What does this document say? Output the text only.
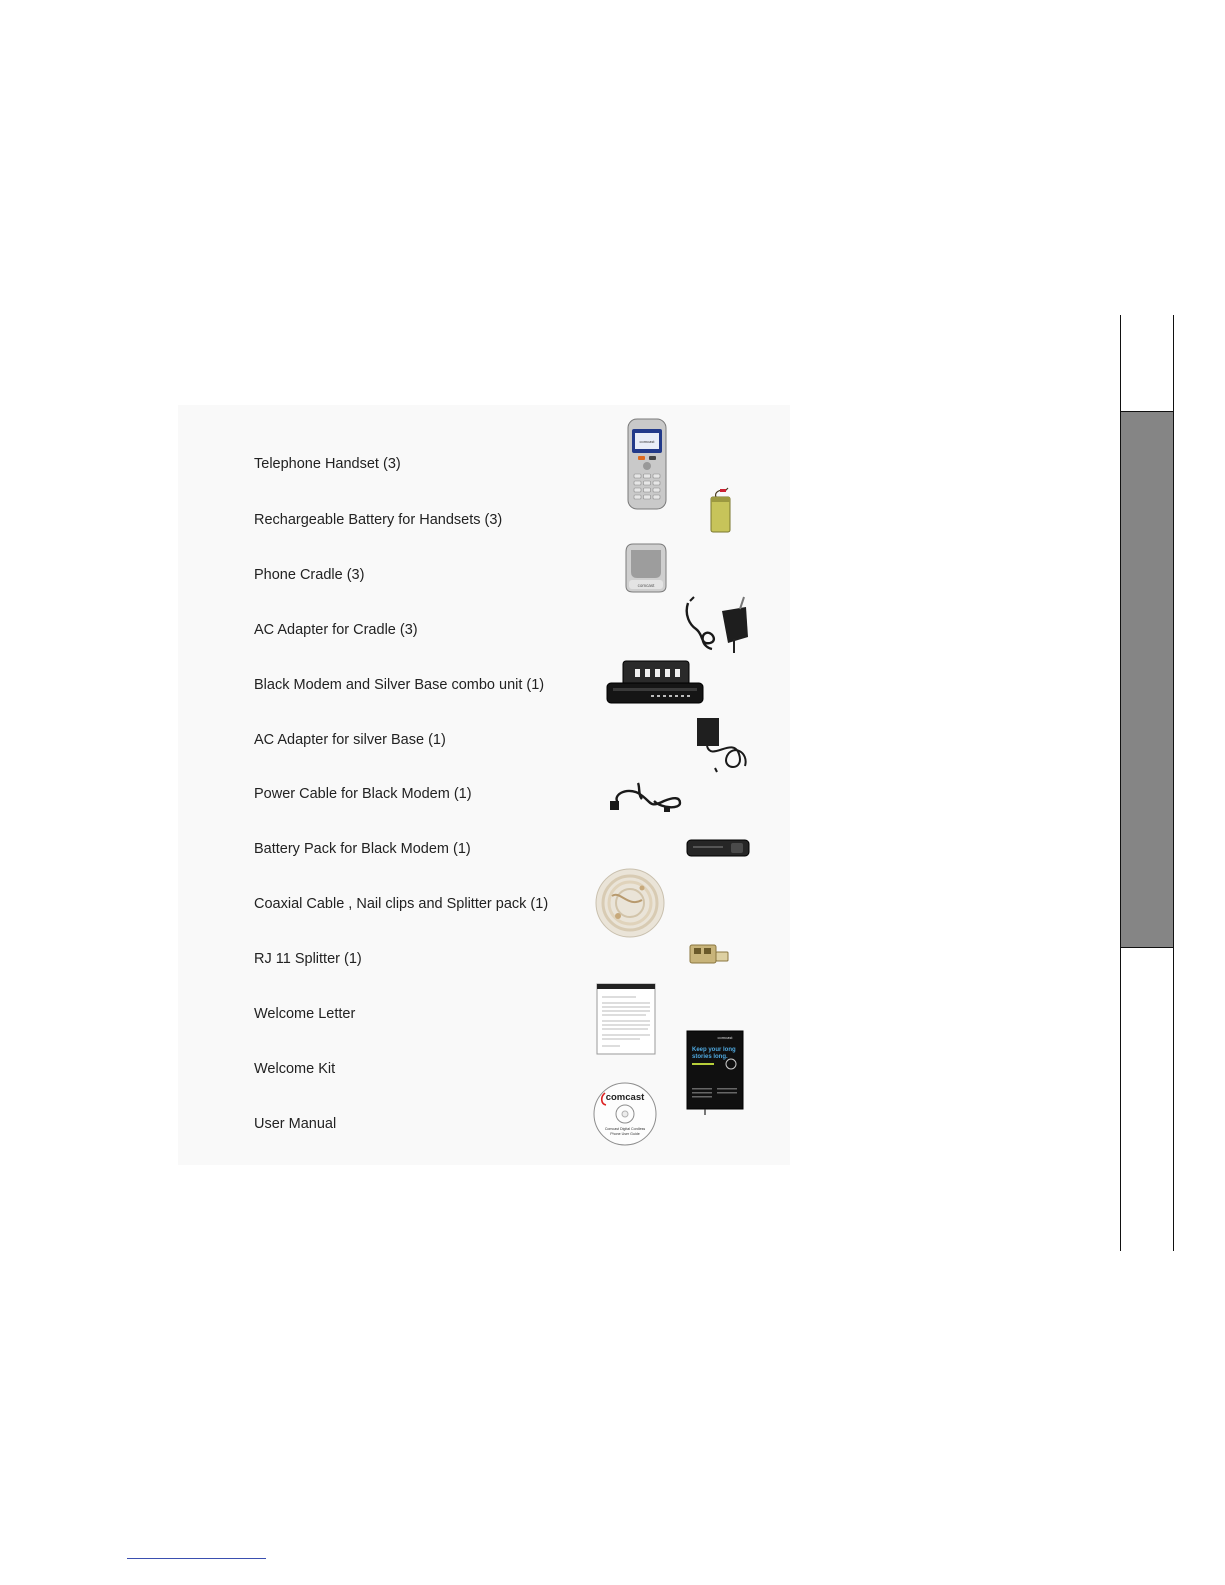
Telephone Handset (3)
Rechargeable Battery for Handsets (3)
Phone Cradle (3)
AC Adapter for Cradle (3)
Black Modem and Silver Base combo unit (1)
AC Adapter for silver Base (1)
Power Cable for Black Modem (1)
Battery Pack for Black Modem (1)
Coaxial Cable , Nail clips and Splitter pack (1)
RJ 11 Splitter (1)
Welcome Letter
Welcome Kit
User Manual
comcast
comcast
comcast
Keep your long
stories long.
comcast
Comcast Digital Cordless
Phone User Guide
